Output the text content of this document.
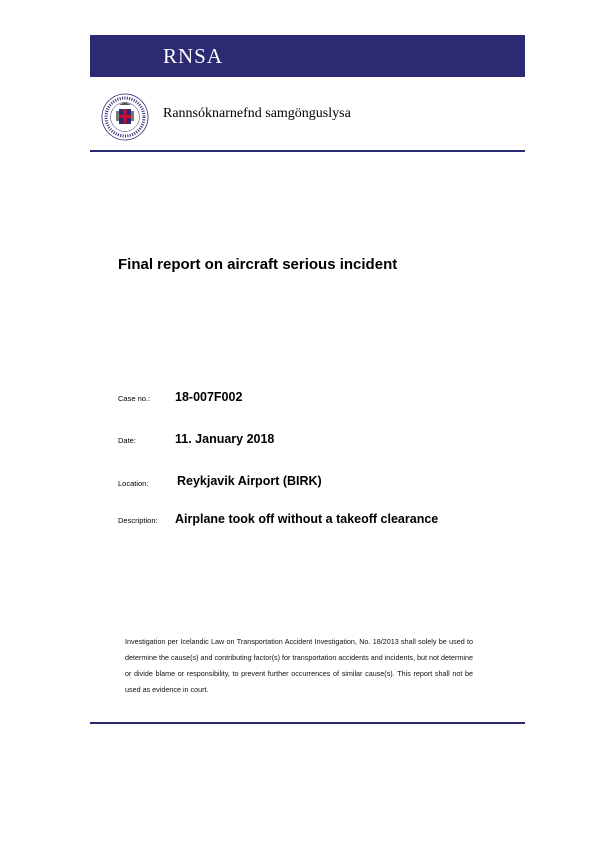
RNSA
Rannsóknarnefnd samgönguslysa
Final report on aircraft serious incident
Case no.: 18-007F002
Date:	11. January 2018
Location: Reykjavik Airport (BIRK)
Description: Airplane took off without a takeoff clearance
Investigation per Icelandic Law on Transportation Accident Investigation, No. 18/2013 shall solely be used to determine the cause(s) and contributing factor(s) for transportation accidents and incidents, but not determine or divide blame or responsibility, to prevent further occurrences of similar cause(s). This report shall not be used as evidence in court.
